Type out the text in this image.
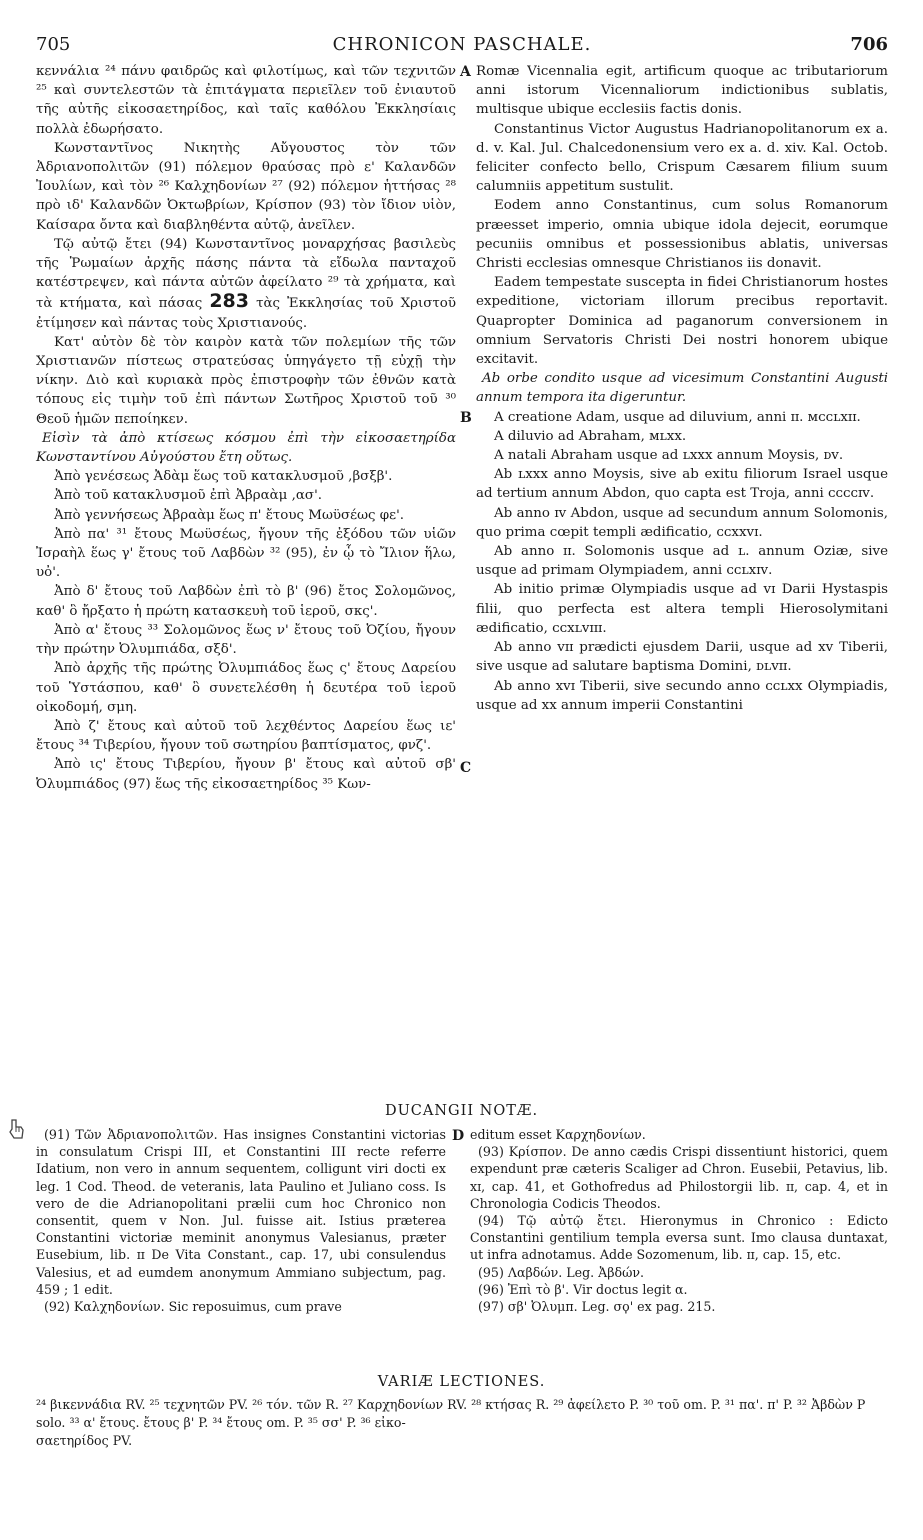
705	CHRONICON PASCHALE.	706

κεννάλια ²⁴ πάνυ φαιδρῶς καὶ φιλοτίμως, καὶ τῶν τεχνιτῶν ²⁵ καὶ συντελεστῶν τὰ ἐπιτάγματα περιεῖλεν τοῦ ἐνιαυτοῦ τῆς αὐτῆς εἰκοσαετηρίδος, καὶ ταῖς καθόλου Ἐκκλησίαις πολλὰ ἐδωρήσατο.

Κωνσταντῖνος Νικητὴς Αὔγουστος τὸν τῶν Ἀδριανοπολιτῶν (91) πόλεμον θραύσας πρὸ ε' Καλανδῶν Ἰουλίων, καὶ τὸν ²⁶ Καλχηδονίων ²⁷ (92) πόλεμον ἡττήσας ²⁸ πρὸ ιδ' Καλανδῶν Ὀκτωβρίων, Κρίσπον (93) τὸν ἴδιον υἱὸν, Καίσαρα ὄντα καὶ διαβληθέντα αὐτῷ, ἀνεῖλεν.

Τῷ αὐτῷ ἔτει (94) Κωνσταντῖνος μοναρχήσας βασιλεὺς τῆς Ῥωμαίων ἀρχῆς πάσης πάντα τὰ εἴδωλα πανταχοῦ κατέστρεψεν, καὶ πάντα αὐτῶν ἀφείλατο ²⁹ τὰ χρήματα, καὶ τὰ κτήματα, καὶ πάσας 283 τὰς Ἐκκλησίας τοῦ Χριστοῦ ἐτίμησεν καὶ πάντας τοὺς Χριστιανούς.

Κατ' αὐτὸν δὲ τὸν καιρὸν κατὰ τῶν πολεμίων τῆς τῶν Χριστιανῶν πίστεως στρατεύσας ὑπηγάγετο τῇ εὐχῇ τὴν νίκην. Διὸ καὶ κυριακὰ πρὸς ἐπιστροφὴν τῶν ἐθνῶν κατὰ τόπους εἰς τιμὴν τοῦ ἐπὶ πάντων Σωτῆρος Χριστοῦ τοῦ ³⁰ Θεοῦ ἡμῶν πεποίηκεν.

Εἰσὶν τὰ ἀπὸ κτίσεως κόσμου ἐπὶ τὴν εἰκοσαετηρίδα Κωνσταντίνου Αὐγούστου ἔτη οὕτως.

Ἀπὸ γενέσεως Ἀδὰμ ἕως τοῦ κατακλυσμοῦ ,βσξβ'.

Ἀπὸ τοῦ κατακλυσμοῦ ἐπὶ Ἀβραὰμ ,ασ'.

Ἀπὸ γεννήσεως Ἀβραὰμ ἕως π' ἔτους Μωϋσέως φε'.

Ἀπὸ πα' ³¹ ἔτους Μωϋσέως, ἤγουν τῆς ἐξόδου τῶν υἱῶν Ἰσραὴλ ἕως γ' ἔτους τοῦ Λαβδὼν ³² (95), ἐν ᾧ τὸ Ἴλιον ἥλω, υὀ'.

Ἀπὸ δ' ἔτους τοῦ Λαβδὼν ἐπὶ τὸ β' (96) ἔτος Σολομῶνος, καθ' ὃ ἤρξατο ἡ πρώτη κατασκευὴ τοῦ ἱεροῦ, σκς'.

Ἀπὸ α' ἔτους ³³ Σολομῶνος ἕως ν' ἔτους τοῦ Ὀζίου, ἤγουν τὴν πρώτην Ὀλυμπιάδα, σξδ'.

Ἀπὸ ἀρχῆς τῆς πρώτης Ὀλυμπιάδος ἕως ς' ἔτους Δαρείου τοῦ Ὑστάσπου, καθ' ὃ συνετελέσθη ἡ δευτέρα τοῦ ἱεροῦ οἰκοδομή, σμη.

Ἀπὸ ζ' ἔτους καὶ αὐτοῦ τοῦ λεχθέντος Δαρείου ἕως ιε' ἔτους ³⁴ Τιβερίου, ἤγουν τοῦ σωτηρίου βαπτίσματος, φνζ'.

Ἀπὸ ις' ἔτους Τιβερίου, ἤγουν β' ἔτους καὶ αὐτοῦ σβ' Ὀλυμπιάδος (97) ἕως τῆς εἰκοσαετηρίδος ³⁵ Κων-

A
B
C

Romæ Vicennalia egit, artificum quoque ac tributariorum anni istorum Vicennaliorum indictionibus sublatis, multisque ubique ecclesiis factis donis.

Constantinus Victor Augustus Hadrianopolitanorum ex a. d. v. Kal. Jul. Chalcedonensium vero ex a. d. xiv. Kal. Octob. feliciter confecto bello, Crispum Cæsarem filium suum calumniis appetitum sustulit.

Eodem anno Constantinus, cum solus Romanorum præesset imperio, omnia ubique idola dejecit, eorumque pecuniis omnibus et possessionibus ablatis, universas Christi ecclesias omnesque Christianos iis donavit.

Eadem tempestate suscepta in fidei Christianorum hostes expeditione, victoriam illorum precibus reportavit. Quapropter Dominica ad paganorum conversionem in omnium Servatoris Christi Dei nostri honorem ubique excitavit.

Ab orbe condito usque ad vicesimum Constantini Augusti annum tempora ita digeruntur.

A creatione Adam, usque ad diluvium, anni ɪɪ. ᴍᴄᴄʟxɪɪ.

A diluvio ad Abraham, ᴍʟxx.

A natali Abraham usque ad ʟxxx annum Moysis, ᴅᴠ.

Ab ʟxxx anno Moysis, sive ab exitu filiorum Israel usque ad tertium annum Abdon, quo capta est Troja, anni ᴄᴄᴄᴄɪᴠ.

Ab anno ɪᴠ Abdon, usque ad secundum annum Solomonis, quo prima cœpit templi ædificatio, ᴄᴄxxᴠɪ.

Ab anno ɪɪ. Solomonis usque ad ʟ. annum Oziæ, sive usque ad primam Olympiadem, anni ᴄᴄʟxɪᴠ.

Ab initio primæ Olympiadis usque ad ᴠɪ Darii Hystaspis filii, quo perfecta est altera templi Hierosolymitani ædificatio, ᴄᴄxʟᴠɪɪɪ.

Ab anno ᴠɪɪ prædicti ejusdem Darii, usque ad xᴠ Tiberii, sive usque ad salutare baptisma Domini, ᴅʟᴠɪɪ.

Ab anno xᴠɪ Tiberii, sive secundo anno ᴄᴄʟxx Olympiadis, usque ad xx annum imperii Constantini

DUCANGII NOTÆ.
D

(91) Τῶν Ἀδριανοπολιτῶν. Has insignes Constantini victorias in consulatum Crispi III, et Constantini III recte referre Idatium, non vero in annum sequentem, colligunt viri docti ex leg. 1 Cod. Theod. de veteranis, lata Paulino et Juliano coss. Is vero de die Adrianopolitani prælii cum hoc Chronico non consentit, quem v Non. Jul. fuisse ait. Istius præterea Constantini victoriæ meminit anonymus Valesianus, præter Eusebium, lib. ɪɪ De Vita Constant., cap. 17, ubi consulendus Valesius, et ad eumdem anonymum Ammiano subjectum, pag. 459 ; 1 edit.

(92) Καλχηδονίων. Sic reposuimus, cum prave

editum esset Καρχηδονίων.

(93) Κρίσπον. De anno cædis Crispi dissentiunt historici, quem expendunt præ cæteris Scaliger ad Chron. Eusebii, Petavius, lib. xɪ, cap. 41, et Gothofredus ad Philostorgii lib. ɪɪ, cap. 4, et in Chronologia Codicis Theodos.

(94) Τῷ αὐτῷ ἔτει. Hieronymus in Chronico : Edicto Constantini gentilium templa eversa sunt. Imo clausa duntaxat, ut infra adnotamus. Adde Sozomenum, lib. ɪɪ, cap. 15, etc.

(95) Λαβδών. Leg. Ἀβδών.

(96) Ἐπὶ τὸ β'. Vir doctus legit α.

(97) σβ' Ὀλυμπ. Leg. σϙ' ex pag. 215.

VARIÆ LECTIONES.

²⁴ βικεννάδια RV. ²⁵ τεχνητῶν PV. ²⁶ τόν. τῶν R. ²⁷ Καρχηδονίων RV. ²⁸ κτήσας R. ²⁹ ἀφείλετο P. ³⁰ τοῦ om. P. ³¹ πα'. π' P. ³² Ἀβδὼν P solo. ³³ α' ἔτους. ἔτους β' P. ³⁴ ἔτους om. P. ³⁵ σσ' P. ³⁶ εἰκο-

σαετηρίδος PV.
